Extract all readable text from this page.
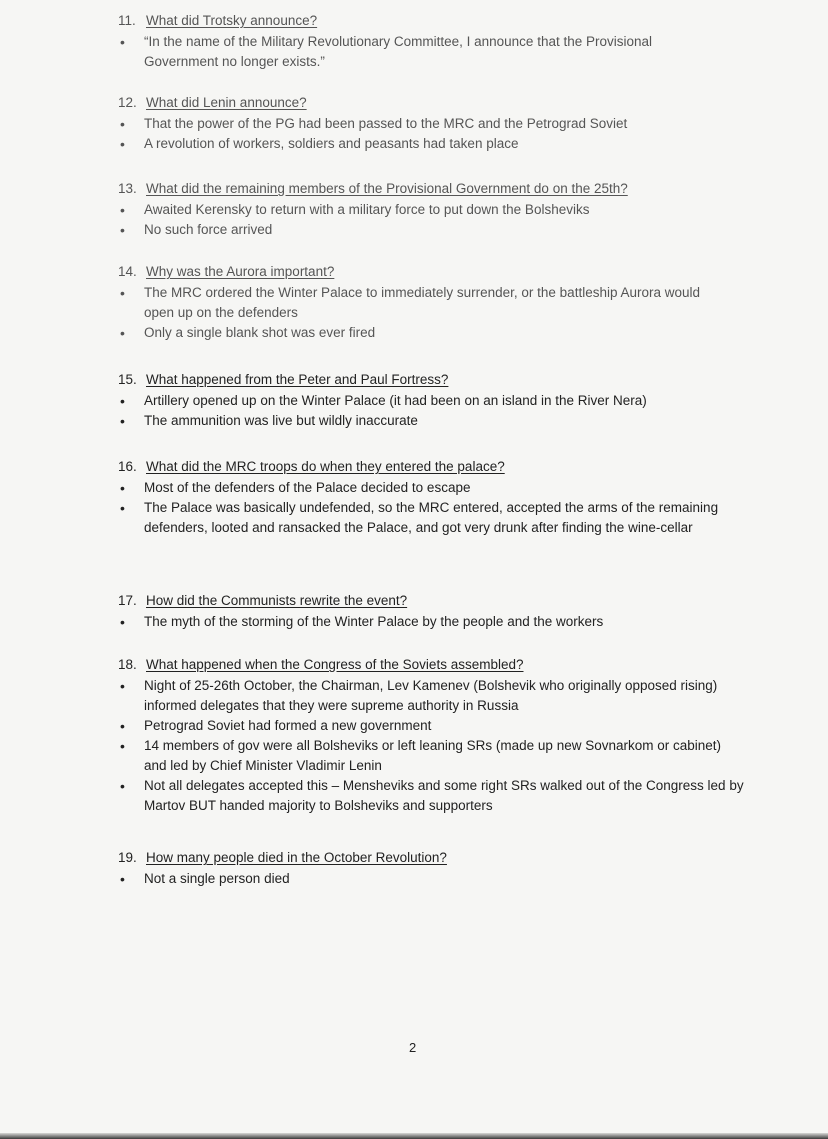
11. What did Trotsky announce?
• “In the name of the Military Revolutionary Committee, I announce that the Provisional Government no longer exists.”
12. What did Lenin announce?
• That the power of the PG had been passed to the MRC and the Petrograd Soviet
• A revolution of workers, soldiers and peasants had taken place
13. What did the remaining members of the Provisional Government do on the 25th?
• Awaited Kerensky to return with a military force to put down the Bolsheviks
• No such force arrived
14. Why was the Aurora important?
• The MRC ordered the Winter Palace to immediately surrender, or the battleship Aurora would open up on the defenders
• Only a single blank shot was ever fired
15. What happened from the Peter and Paul Fortress?
• Artillery opened up on the Winter Palace (it had been on an island in the River Nera)
• The ammunition was live but wildly inaccurate
16. What did the MRC troops do when they entered the palace?
• Most of the defenders of the Palace decided to escape
• The Palace was basically undefended, so the MRC entered, accepted the arms of the remaining defenders, looted and ransacked the Palace, and got very drunk after finding the wine-cellar
17. How did the Communists rewrite the event?
• The myth of the storming of the Winter Palace by the people and the workers
18. What happened when the Congress of the Soviets assembled?
• Night of 25-26th October, the Chairman, Lev Kamenev (Bolshevik who originally opposed rising) informed delegates that they were supreme authority in Russia
• Petrograd Soviet had formed a new government
• 14 members of gov were all Bolsheviks or left leaning SRs (made up new Sovnarkom or cabinet) and led by Chief Minister Vladimir Lenin
• Not all delegates accepted this – Mensheviks and some right SRs walked out of the Congress led by Martov BUT handed majority to Bolsheviks and supporters
19. How many people died in the October Revolution?
• Not a single person died
2
